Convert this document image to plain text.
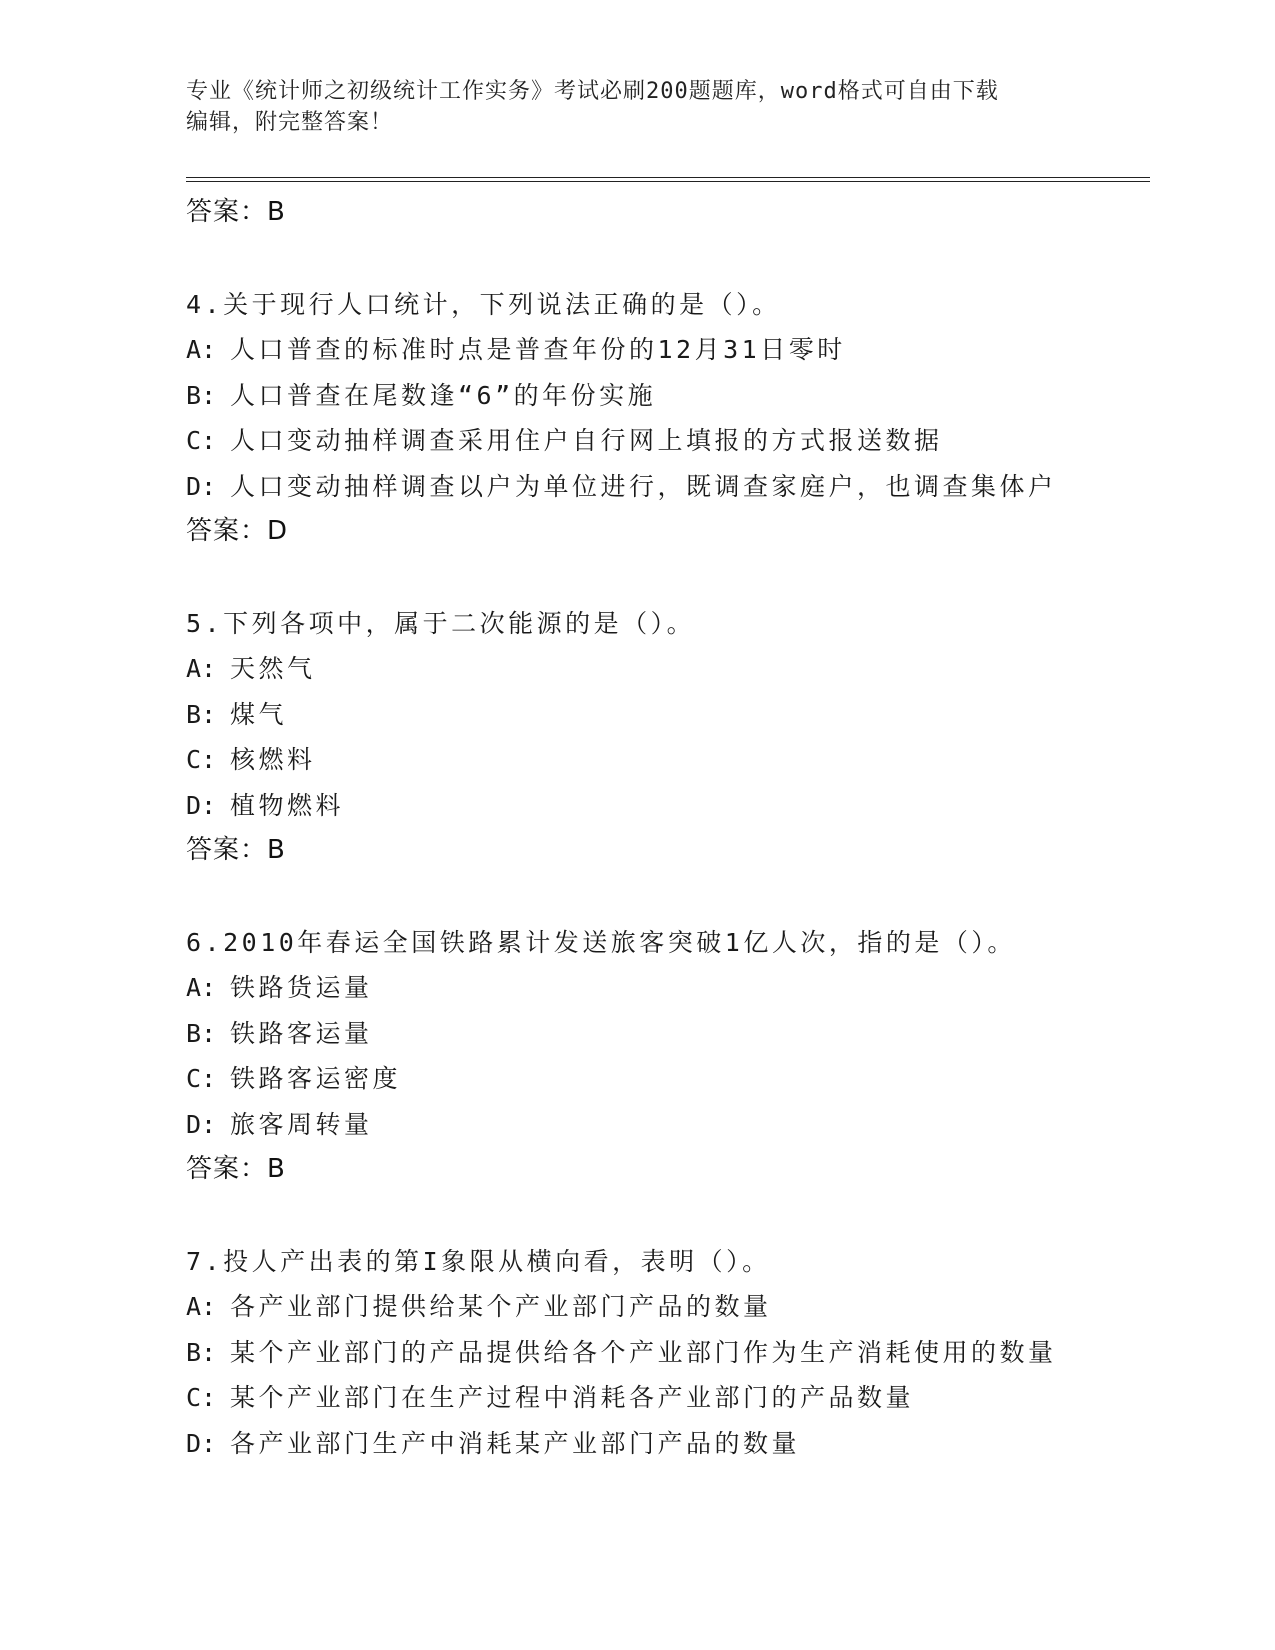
专业《统计师之初级统计工作实务》考试必刷200题题库，word格式可自由下载
编辑，附完整答案！
答案：B
4.关于现行人口统计，下列说法正确的是（）。
A: 人口普查的标准时点是普查年份的12月31日零时
B: 人口普查在尾数逢“6”的年份实施
C: 人口变动抽样调查采用住户自行网上填报的方式报送数据
D: 人口变动抽样调查以户为单位进行，既调查家庭户，也调查集体户
答案：D
5.下列各项中，属于二次能源的是（）。
A: 天然气
B: 煤气
C: 核燃料
D: 植物燃料
答案：B
6.2010年春运全国铁路累计发送旅客突破1亿人次，指的是（）。
A: 铁路货运量
B: 铁路客运量
C: 铁路客运密度
D: 旅客周转量
答案：B
7.投人产出表的第I象限从横向看，表明（）。
A: 各产业部门提供给某个产业部门产品的数量
B: 某个产业部门的产品提供给各个产业部门作为生产消耗使用的数量
C: 某个产业部门在生产过程中消耗各产业部门的产品数量
D: 各产业部门生产中消耗某产业部门产品的数量
